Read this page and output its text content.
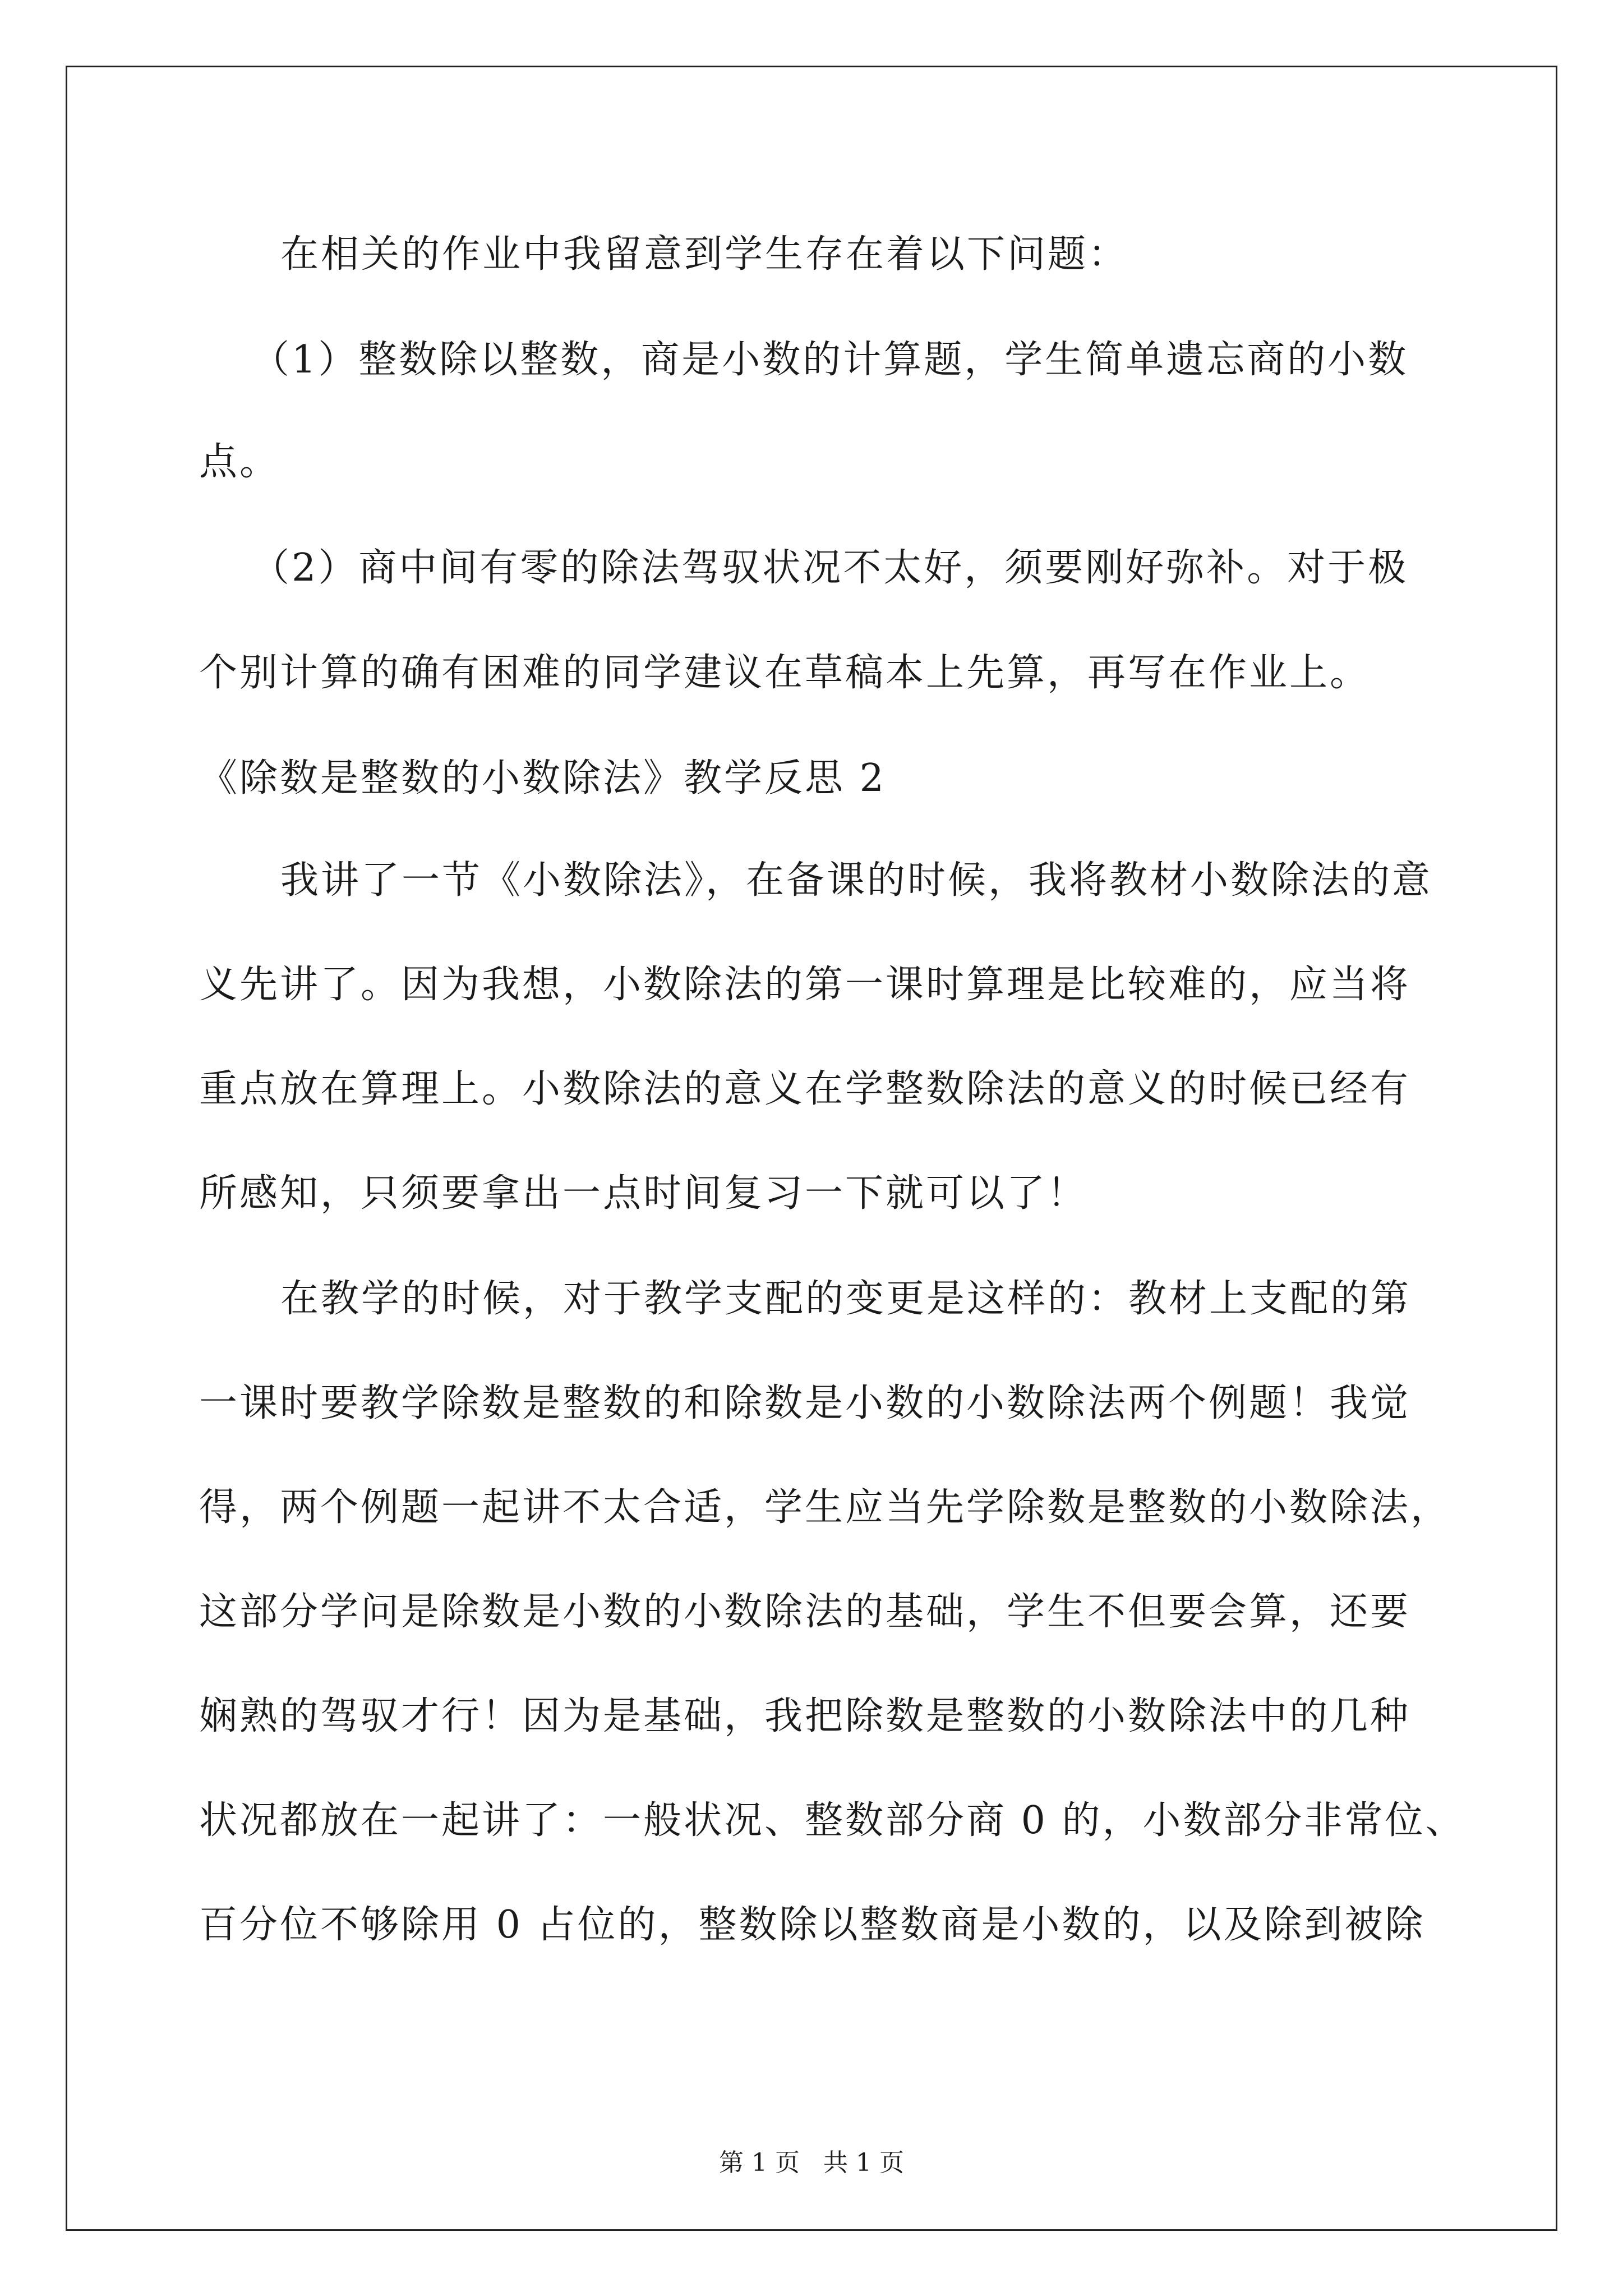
在相关的作业中我留意到学生存在着以下问题：
（1）整数除以整数，商是小数的计算题，学生简单遗忘商的小数
点。
（2）商中间有零的除法驾驭状况不太好，须要刚好弥补。对于极
个别计算的确有困难的同学建议在草稿本上先算，再写在作业上。
《除数是整数的小数除法》教学反思 2
我讲了一节《小数除法》，在备课的时候，我将教材小数除法的意
义先讲了。因为我想，小数除法的第一课时算理是比较难的，应当将
重点放在算理上。小数除法的意义在学整数除法的意义的时候已经有
所感知，只须要拿出一点时间复习一下就可以了！
在教学的时候，对于教学支配的变更是这样的：教材上支配的第
一课时要教学除数是整数的和除数是小数的小数除法两个例题！我觉
得，两个例题一起讲不太合适，学生应当先学除数是整数的小数除法，
这部分学问是除数是小数的小数除法的基础，学生不但要会算，还要
娴熟的驾驭才行！因为是基础，我把除数是整数的小数除法中的几种
状况都放在一起讲了：一般状况、整数部分商 0 的，小数部分非常位、
百分位不够除用 0 占位的，整数除以整数商是小数的，以及除到被除
第 1 页   共 1 页
